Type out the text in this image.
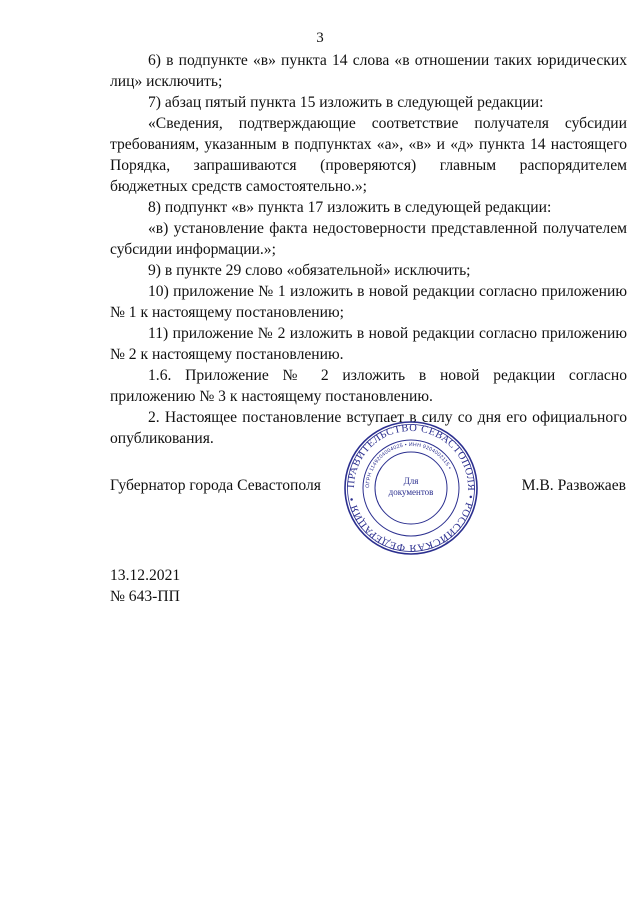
3

6) в подпункте «в» пункта 14 слова «в отношении таких юридических лиц» исключить;

7) абзац пятый пункта 15 изложить в следующей редакции:

«Сведения, подтверждающие соответствие получателя субсидии требованиям, указанным в подпунктах «а», «в» и «д» пункта 14 настоящего Порядка, запрашиваются (проверяются) главным распорядителем бюджетных средств самостоятельно.»;

8) подпункт «в» пункта 17 изложить в следующей редакции:

«в) установление факта недостоверности представленной получателем субсидии информации.»;

9) в пункте 29 слово «обязательной» исключить;

10) приложение № 1 изложить в новой редакции согласно приложению № 1 к настоящему постановлению;

11) приложение № 2 изложить в новой редакции согласно приложению № 2 к настоящему постановлению.

1.6. Приложение № 2 изложить в новой редакции согласно приложению № 3 к настоящему постановлению.

2. Настоящее постановление вступает в силу со дня его официального опубликования.

Губернатор города Севастополя ПРАВИТЕЛЬСТВО СЕВАСТОПОЛЯ • РОССИЙСКАЯ ФЕДЕРАЦИЯ •
ОГРН 1149204004025 • ИНН 9204002115 •
Для
документов	М.В. Развожаев
13.12.2021
№ 643-ПП
